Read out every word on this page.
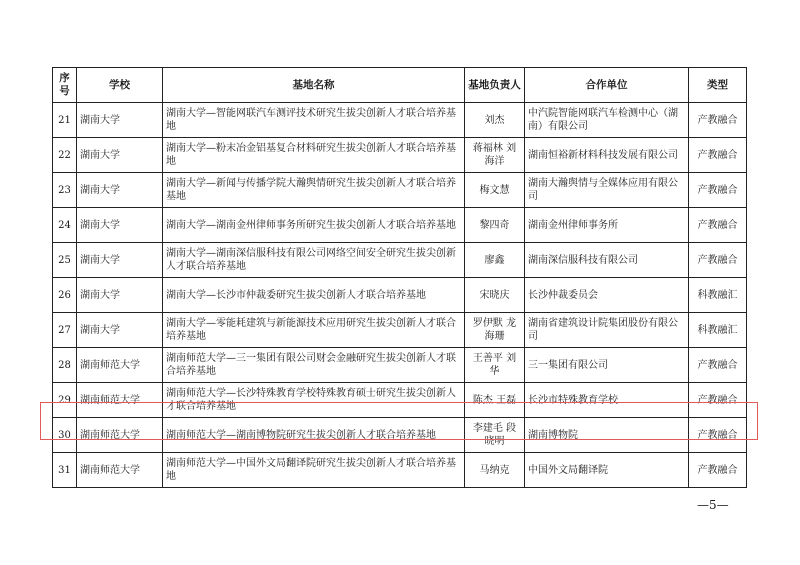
序号	学校	基地名称	基地负责人	合作单位	类型
21	湖南大学	湖南大学—智能网联汽车测评技术研究生拔尖创新人才联合培养基地	刘杰	中汽院智能网联汽车检测中心（湖南）有限公司	产教融合
22	湖南大学	湖南大学—粉末冶金铝基复合材料研究生拔尖创新人才联合培养基地	蒋福林 刘海洋	湖南恒裕新材料科技发展有限公司	产教融合
23	湖南大学	湖南大学—新闻与传播学院大瀚舆情研究生拔尖创新人才联合培养基地	梅文慧	湖南大瀚舆情与全媒体应用有限公司	产教融合
24	湖南大学	湖南大学—湖南金州律师事务所研究生拔尖创新人才联合培养基地	黎四奇	湖南金州律师事务所	产教融合
25	湖南大学	湖南大学—湖南深信服科技有限公司网络空间安全研究生拔尖创新人才联合培养基地	廖鑫	湖南深信服科技有限公司	产教融合
26	湖南大学	湖南大学—长沙市仲裁委研究生拔尖创新人才联合培养基地	宋晓庆	长沙仲裁委员会	科教融汇
27	湖南大学	湖南大学—零能耗建筑与新能源技术应用研究生拔尖创新人才联合培养基地	罗伊默 龙海珊	湖南省建筑设计院集团股份有限公司	科教融汇
28	湖南师范大学	湖南师范大学—三一集团有限公司财会金融研究生拔尖创新人才联合培养基地	王善平 刘华	三一集团有限公司	产教融合
29	湖南师范大学	湖南师范大学—长沙特殊教育学校特殊教育硕士研究生拔尖创新人才联合培养基地	陈杰 王磊	长沙市特殊教育学校	产教融合
30	湖南师范大学	湖南师范大学—湖南博物院研究生拔尖创新人才联合培养基地	李建毛 段晓明	湖南博物院	产教融合
31	湖南师范大学	湖南师范大学—中国外文局翻译院研究生拔尖创新人才联合培养基地	马纳克	中国外文局翻译院	产教融合
—5—
